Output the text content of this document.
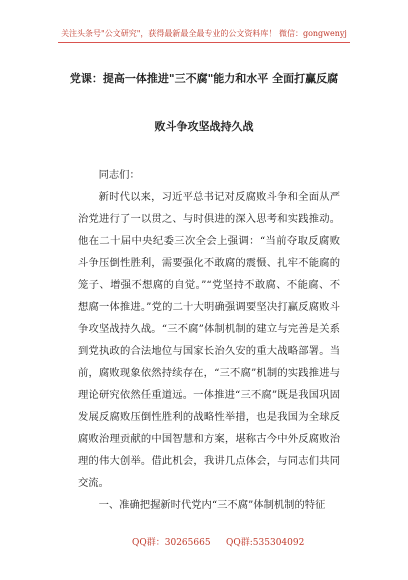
关注头条号"公文研究"，获得最新最全最专业的公文资料库！ 微信：gongwenyj
党课：提高一体推进"三不腐"能力和水平 全面打赢反腐
败斗争攻坚战持久战

同志们：

新时代以来，习近平总书记对反腐败斗争和全面从严治党进行了一以贯之、与时俱进的深入思考和实践推动。他在二十届中央纪委三次全会上强调：“当前夺取反腐败斗争压倒性胜利，需要强化不敢腐的震慑、扎牢不能腐的笼子、增强不想腐的自觉。”“党坚持不敢腐、不能腐、不想腐一体推进。”党的二十大明确强调要坚决打赢反腐败斗争攻坚战持久战。“三不腐”体制机制的建立与完善是关系到党执政的合法地位与国家长治久安的重大战略部署。当前，腐败现象依然持续存在，“三不腐”机制的实践推进与理论研究依然任重道远。一体推进“三不腐”既是我国巩固发展反腐败压倒性胜利的战略性举措，也是我国为全球反腐败治理贡献的中国智慧和方案，堪称古今中外反腐败治理的伟大创举。借此机会，我讲几点体会，与同志们共同交流。

一、准确把握新时代党内“三不腐”体制机制的特征

QQ群：30265665 QQ群:535304092
